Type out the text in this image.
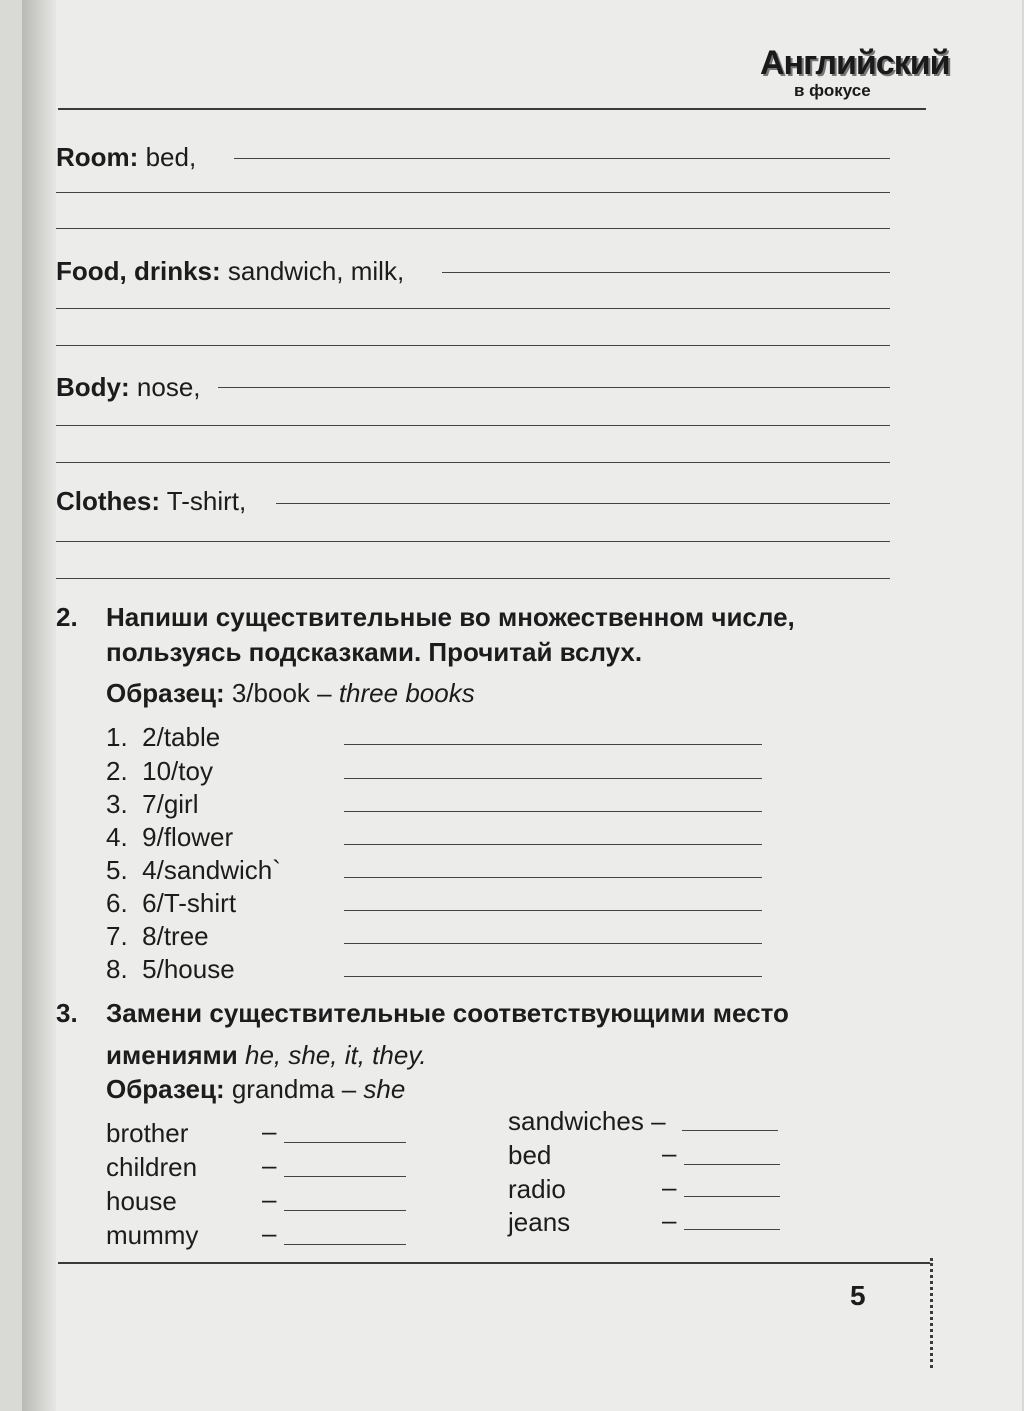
Английский
в фокусе
Room: bed,
Food, drinks: sandwich, milk,
Body: nose,
Clothes: T-shirt,
2. Напиши существительные во множественном числе,
пользуясь подсказками. Прочитай вслух.
Образец: 3/book – three books
1. 2/table
2. 10/toy
3. 7/girl
4. 9/flower
5. 4/sandwich`
6. 6/T-shirt
7. 8/tree
8. 5/house
3. Замени существительные соответствующими место
имениями he, she, it, they.
Образец: grandma – she
brother	–
children –
house	–
mummy –
sandwiches –
bed	–
radio	–
jeans	–
5
